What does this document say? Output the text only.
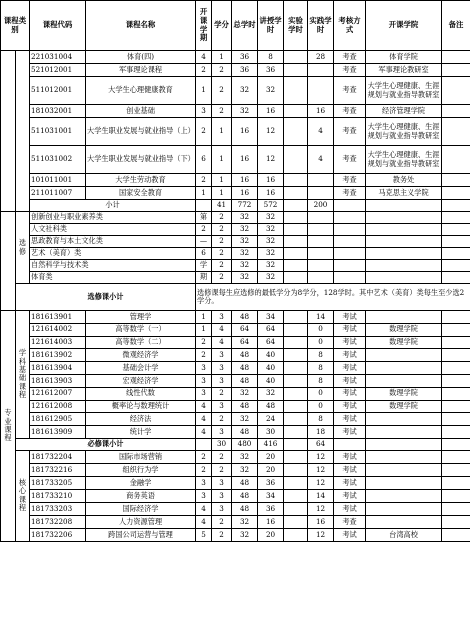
课程类别		课程代码	课程名称	开课学期	学分	总学时	讲授学时	实验学时	实践学时	考核方式	开课学院	备注
		221031004	体育(四)	4	1	36	8		28	考查	体育学院	
		521012001	军事理论课程	2	2	36	36			考查	军事理论教研室	
		511012001	大学生心理健康教育	1	2	32	32			考查	大学生心理健康、生涯规划与就业指导教研室	
		181032001	创业基础	3	2	32	16		16	考查	经济管理学院	
		511031001	大学生职业发展与就业指导（上）	2	1	16	12		4	考查	大学生心理健康、生涯规划与就业指导教研室	
		511031002	大学生职业发展与就业指导（下）	6	1	16	12		4	考查	大学生心理健康、生涯规划与就业指导教研室	
		101011001	大学生劳动教育	2	1	16	16			考查	教务处	
		211011007	国家安全教育	1	1	16	16			考查	马克思主义学院	
		小计			41	772	572		200			
	选修	创新创业与职业素养类		第	2	32	32					
		人文社科类		2	2	32	32					
		思政教育与本土文化类		—	2	32	32					
		艺术（美育）类		6	2	32	32					
		自然科学与技术类		学	2	32	32					
		体育类		期	2	32	32					
	选修课小计			选修课每生应选修的最低学分为8学分，128学时。其中艺术（美育）类每生至少选2学分。								
专业课程	学科基础课程	181613901	管理学	1	3	48	34		14	考试		
		121614002	高等数学（一）	1	4	64	64		0	考试	数理学院	
		121614003	高等数学（二）	2	4	64	64		0	考试	数理学院	
		181613902	微观经济学	2	3	48	40		8	考试		
		181613904	基础会计学	3	3	48	40		8	考试		
		181613903	宏观经济学	3	3	48	40		8	考试		
		121612007	线性代数	3	2	32	32		0	考试	数理学院	
		121612008	概率论与数理统计	4	3	48	48		0	考试	数理学院	
		181612905	经济法	4	2	32	24		8	考试		
		181613909	统计学	4	3	48	30		18	考试		
	必修课小计				30	480	416		64			
	核心课程	181732204	国际市场营销	2	2	32	20		12	考试		
		181732216	组织行为学	2	2	32	20		12	考试		
		181733205	金融学	3	3	48	36		12	考试		
		181733210	商务英语	3	3	48	34		14	考试		
		181733203	国际经济学	4	3	48	36		12	考试		
		181732208	人力资源管理	4	2	32	16		16	考查		
		181732206	跨国公司运营与管理	5	2	32	20		12	考试	台湾高校	
